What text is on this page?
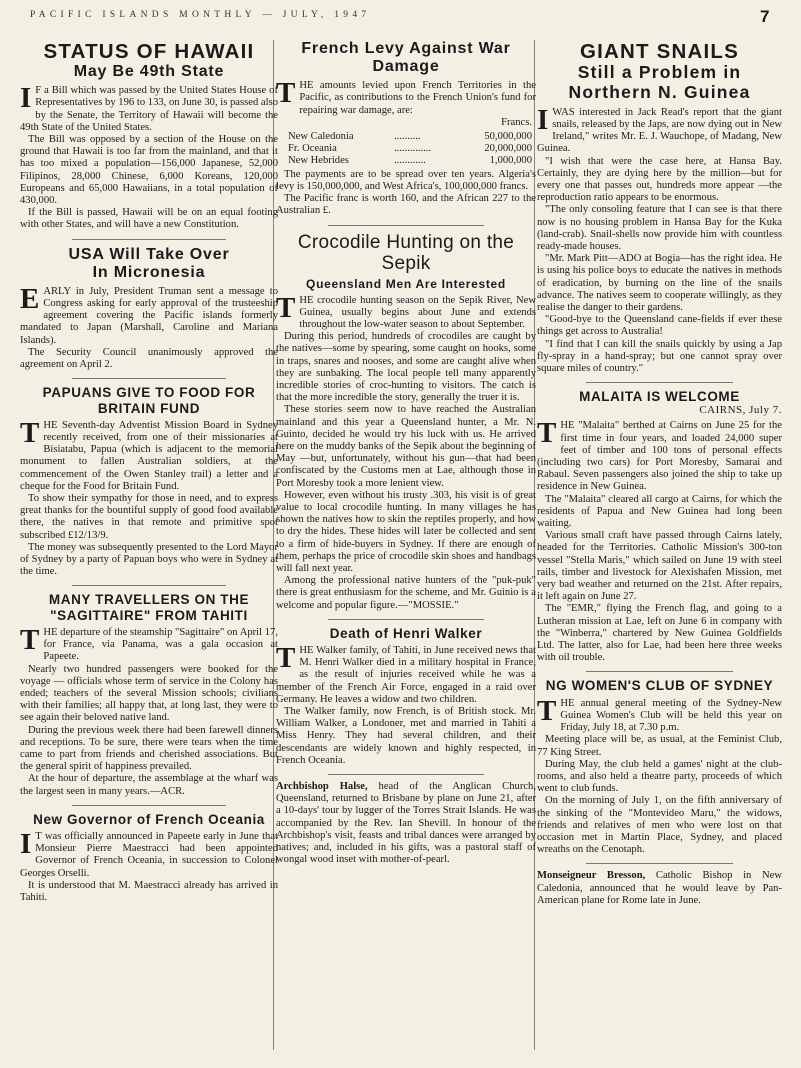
PACIFIC ISLANDS MONTHLY — JULY, 1947	7
STATUS OF HAWAII
May Be 49th State

I F a Bill which was passed by the United States House of Representatives by 196 to 133, on June 30, is passed also by the Senate, the Territory of Hawaii will become the 49th State of the United States.

The Bill was opposed by a section of the House on the ground that Hawaii is too far from the mainland, and that it has too mixed a population—156,000 Japanese, 52,000 Filipinos, 28,000 Chinese, 6,000 Koreans, 120,000 Europeans and 65,000 Hawaiians, in a total population of 430,000.

If the Bill is passed, Hawaii will be on an equal footing with other States, and will have a new Constitution.

USA Will Take Over
In Micronesia

EARLY in July, President Truman sent a message to Congress asking for early approval of the trusteeship agreement covering the Pacific islands formerly mandated to Japan (Marshall, Caroline and Mariana Islands).

The Security Council unanimously approved the agreement on April 2.

PAPUANS GIVE TO FOOD FOR BRITAIN FUND

THE Seventh-day Adventist Mission Board in Sydney recently received, from one of their missionaries at Bisiatabu, Papua (which is adjacent to the memorial monument to fallen Australian soldiers, at the commencement of the Owen Stanley trail) a letter and a cheque for the Food for Britain Fund.

To show their sympathy for those in need, and to express great thanks for the bountiful supply of good food available there, the natives in that remote and primitive spot subscribed £12/13/9.

The money was subsequently presented to the Lord Mayor of Sydney by a party of Papuan boys who were in Sydney at the time.

MANY TRAVELLERS ON THE "SAGITTAIRE" FROM TAHITI

THE departure of the steamship "Sagittaire" on April 17, for France, via Panama, was a gala occasion at Papeete.

Nearly two hundred passengers were booked for the voyage — officials whose term of service in the Colony has ended; teachers of the several Mission schools; civilians with their families; all happy that, at long last, they were to see again their beloved native land.

During the previous week there had been farewell dinners and receptions. To be sure, there were tears when the time came to part from friends and cherished associations. But the general spirit of happiness prevailed.

At the hour of departure, the assemblage at the wharf was the largest seen in many years.—ACR.

New Governor of French Oceania

I T was officially announced in Papeete early in June that Monsieur Pierre Maestracci had been appointed Governor of French Oceania, in succession to Colonel Georges Orselli.

It is understood that M. Maestracci already has arrived in Tahiti.

French Levy Against War Damage

THE amounts levied upon French Territories in the Pacific, as contributions to the French Union's fund for repairing war damage, are:

Francs.
New Caledonia	..........	50,000,000
Fr. Oceania	..............	20,000,000
New Hebrides	............	1,000,000

The payments are to be spread over ten years. Algeria's levy is 150,000,000, and West Africa's, 100,000,000 francs.

The Pacific franc is worth 160, and the African 227 to the Australian £.

Crocodile Hunting on the Sepik
Queensland Men Are Interested

THE crocodile hunting season on the Sepik River, New Guinea, usually begins about June and extends throughout the low-water season to about September.

During this period, hundreds of crocodiles are caught by the natives—some by spearing, some caught on hooks, some in traps, snares and nooses, and some are caught alive when they are sunbaking. The local people tell many apparently incredible stories of croc-hunting to visitors. The catch is that the more incredible the story, generally the truer it is.

These stories seem now to have reached the Australian mainland and this year a Queensland hunter, a Mr. N. Guinto, decided he would try his luck with us. He arrived here on the muddy banks of the Sepik about the beginning of May —but, unfortunately, without his gun—that had been confiscated by the Customs men at Lae, although those in Port Moresby took a more lenient view.

However, even without his trusty .303, his visit is of great value to local crocodile hunting. In many villages he has shown the natives how to skin the reptiles properly, and how to dry the hides. These hides will later be collected and sent to a firm of hide-buyers in Sydney. If there are enough of them, perhaps the price of crocodile skin shoes and handbags will fall next year.

Among the professional native hunters of the "puk-puk" there is great enthusiasm for the scheme, and Mr. Guinio is a welcome and popular figure.—"MOSSIE."

Death of Henri Walker

THE Walker family, of Tahiti, in June received news that M. Henri Walker died in a military hospital in France, as the result of injuries received while he was a member of the French Air Force, engaged in a raid over Germany. He leaves a widow and two children.

The Walker family, now French, is of British stock. Mr. William Walker, a Londoner, met and married in Tahiti a Miss Henry. They had several children, and their descendants are widely known and highly respected, in French Oceania.

Archbishop Halse, head of the Anglican Church, Queensland, returned to Brisbane by plane on June 21, after a 10-days' tour by lugger of the Torres Strait Islands. He was accompanied by the Rev. Ian Shevill. In honour of the Archbishop's visit, feasts and tribal dances were arranged by natives; and, included in his gifts, was a pastoral staff of wongal wood inset with mother-of-pearl.

GIANT SNAILS
Still a Problem in Northern N. Guinea

IWAS interested in Jack Read's report that the giant snails, released by the Japs, are now dying out in New Ireland," writes Mr. E. J. Wauchope, of Madang, New Guinea.

"I wish that were the case here, at Hansa Bay. Certainly, they are dying here by the million—but for every one that passes out, hundreds more appear —the reproduction ratio appears to be enormous.

"The only consoling feature that I can see is that there now is no housing problem in Hansa Bay for the Kuka (land-crab). Snail-shells now provide him with countless ready-made houses.

"Mr. Mark Pitt—ADO at Bogia—has the right idea. He is using his police boys to educate the natives in methods of eradication, by burning on the line of the snails advance. The natives seem to cooperate willingly, as they realise the danger to their gardens.

"Good-bye to the Queensland cane-fields if ever these things get across to Australia!

"I find that I can kill the snails quickly by using a Jap fly-spray in a hand-spray; but one cannot spray over square miles of country."

MALAITA IS WELCOME
CAIRNS, July 7.

THE "Malaita" berthed at Cairns on June 25 for the first time in four years, and loaded 24,000 super feet of timber and 100 tons of personal effects (including two cars) for Port Moresby, Samarai and Rabaul. Seven passengers also joined the ship to take up residence in New Guinea.

The "Malaita" cleared all cargo at Cairns, for which the residents of Papua and New Guinea had long been waiting.

Various small craft have passed through Cairns lately, headed for the Territories. Catholic Mission's 300-ton vessel "Stella Maris," which sailed on June 19 with steel rails, timber and livestock for Alexishafen Mission, met very bad weather and returned on the 21st. After repairs, it left again on June 27.

The "EMR," flying the French flag, and going to a Lutheran mission at Lae, left on June 6 in company with the "Winberra," chartered by New Guinea Goldfields Ltd. The latter, also for Lae, had been here three weeks with oil trouble.

NG WOMEN'S CLUB OF SYDNEY

THE annual general meeting of the Sydney-New Guinea Women's Club will be held this year on Friday, July 18, at 7.30 p.m.

Meeting place will be, as usual, at the Feminist Club, 77 King Street.

During May, the club held a games' night at the club-rooms, and also held a theatre party, proceeds of which went to club funds.

On the morning of July 1, on the fifth anniversary of the sinking of the "Montevideo Maru," the widows, friends and relatives of men who were lost on that occasion met in Martin Place, Sydney, and placed wreaths on the Cenotaph.

Monseigneur Bresson, Catholic Bishop in New Caledonia, announced that he would leave by Pan-American plane for Rome late in June.
